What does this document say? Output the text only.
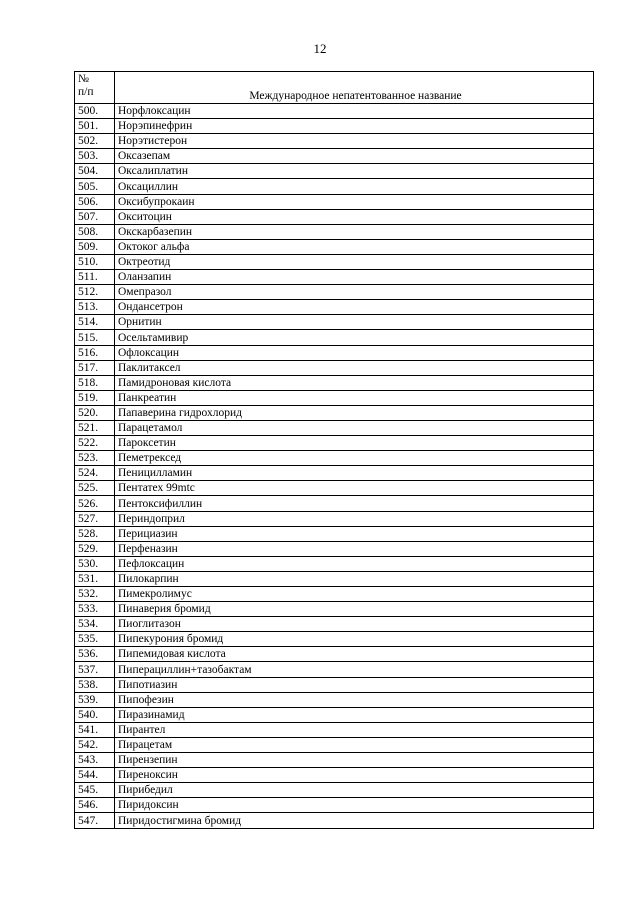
12
№
п/п	Международное непатентованное название
500.	Норфлоксацин
501.	Норэпинефрин
502.	Норэтистерон
503.	Оксазепам
504.	Оксалиплатин
505.	Оксациллин
506.	Оксибупрокаин
507.	Окситоцин
508.	Окскарбазепин
509.	Октоког альфа
510.	Октреотид
511.	Оланзапин
512.	Омепразол
513.	Ондансетрон
514.	Орнитин
515.	Осельтамивир
516.	Офлоксацин
517.	Паклитаксел
518.	Памидроновая кислота
519.	Панкреатин
520.	Папаверина гидрохлорид
521.	Парацетамол
522.	Пароксетин
523.	Пеметрексед
524.	Пеницилламин
525.	Пентатех 99mtc
526.	Пентоксифиллин
527.	Периндоприл
528.	Перициазин
529.	Перфеназин
530.	Пефлоксацин
531.	Пилокарпин
532.	Пимекролимус
533.	Пинаверия бромид
534.	Пиоглитазон
535.	Пипекурония бромид
536.	Пипемидовая кислота
537.	Пиперациллин+тазобактам
538.	Пипотиазин
539.	Пипофезин
540.	Пиразинамид
541.	Пирантел
542.	Пирацетам
543.	Пирензепин
544.	Пиреноксин
545.	Пирибедил
546.	Пиридоксин
547.	Пиридостигмина бромид
